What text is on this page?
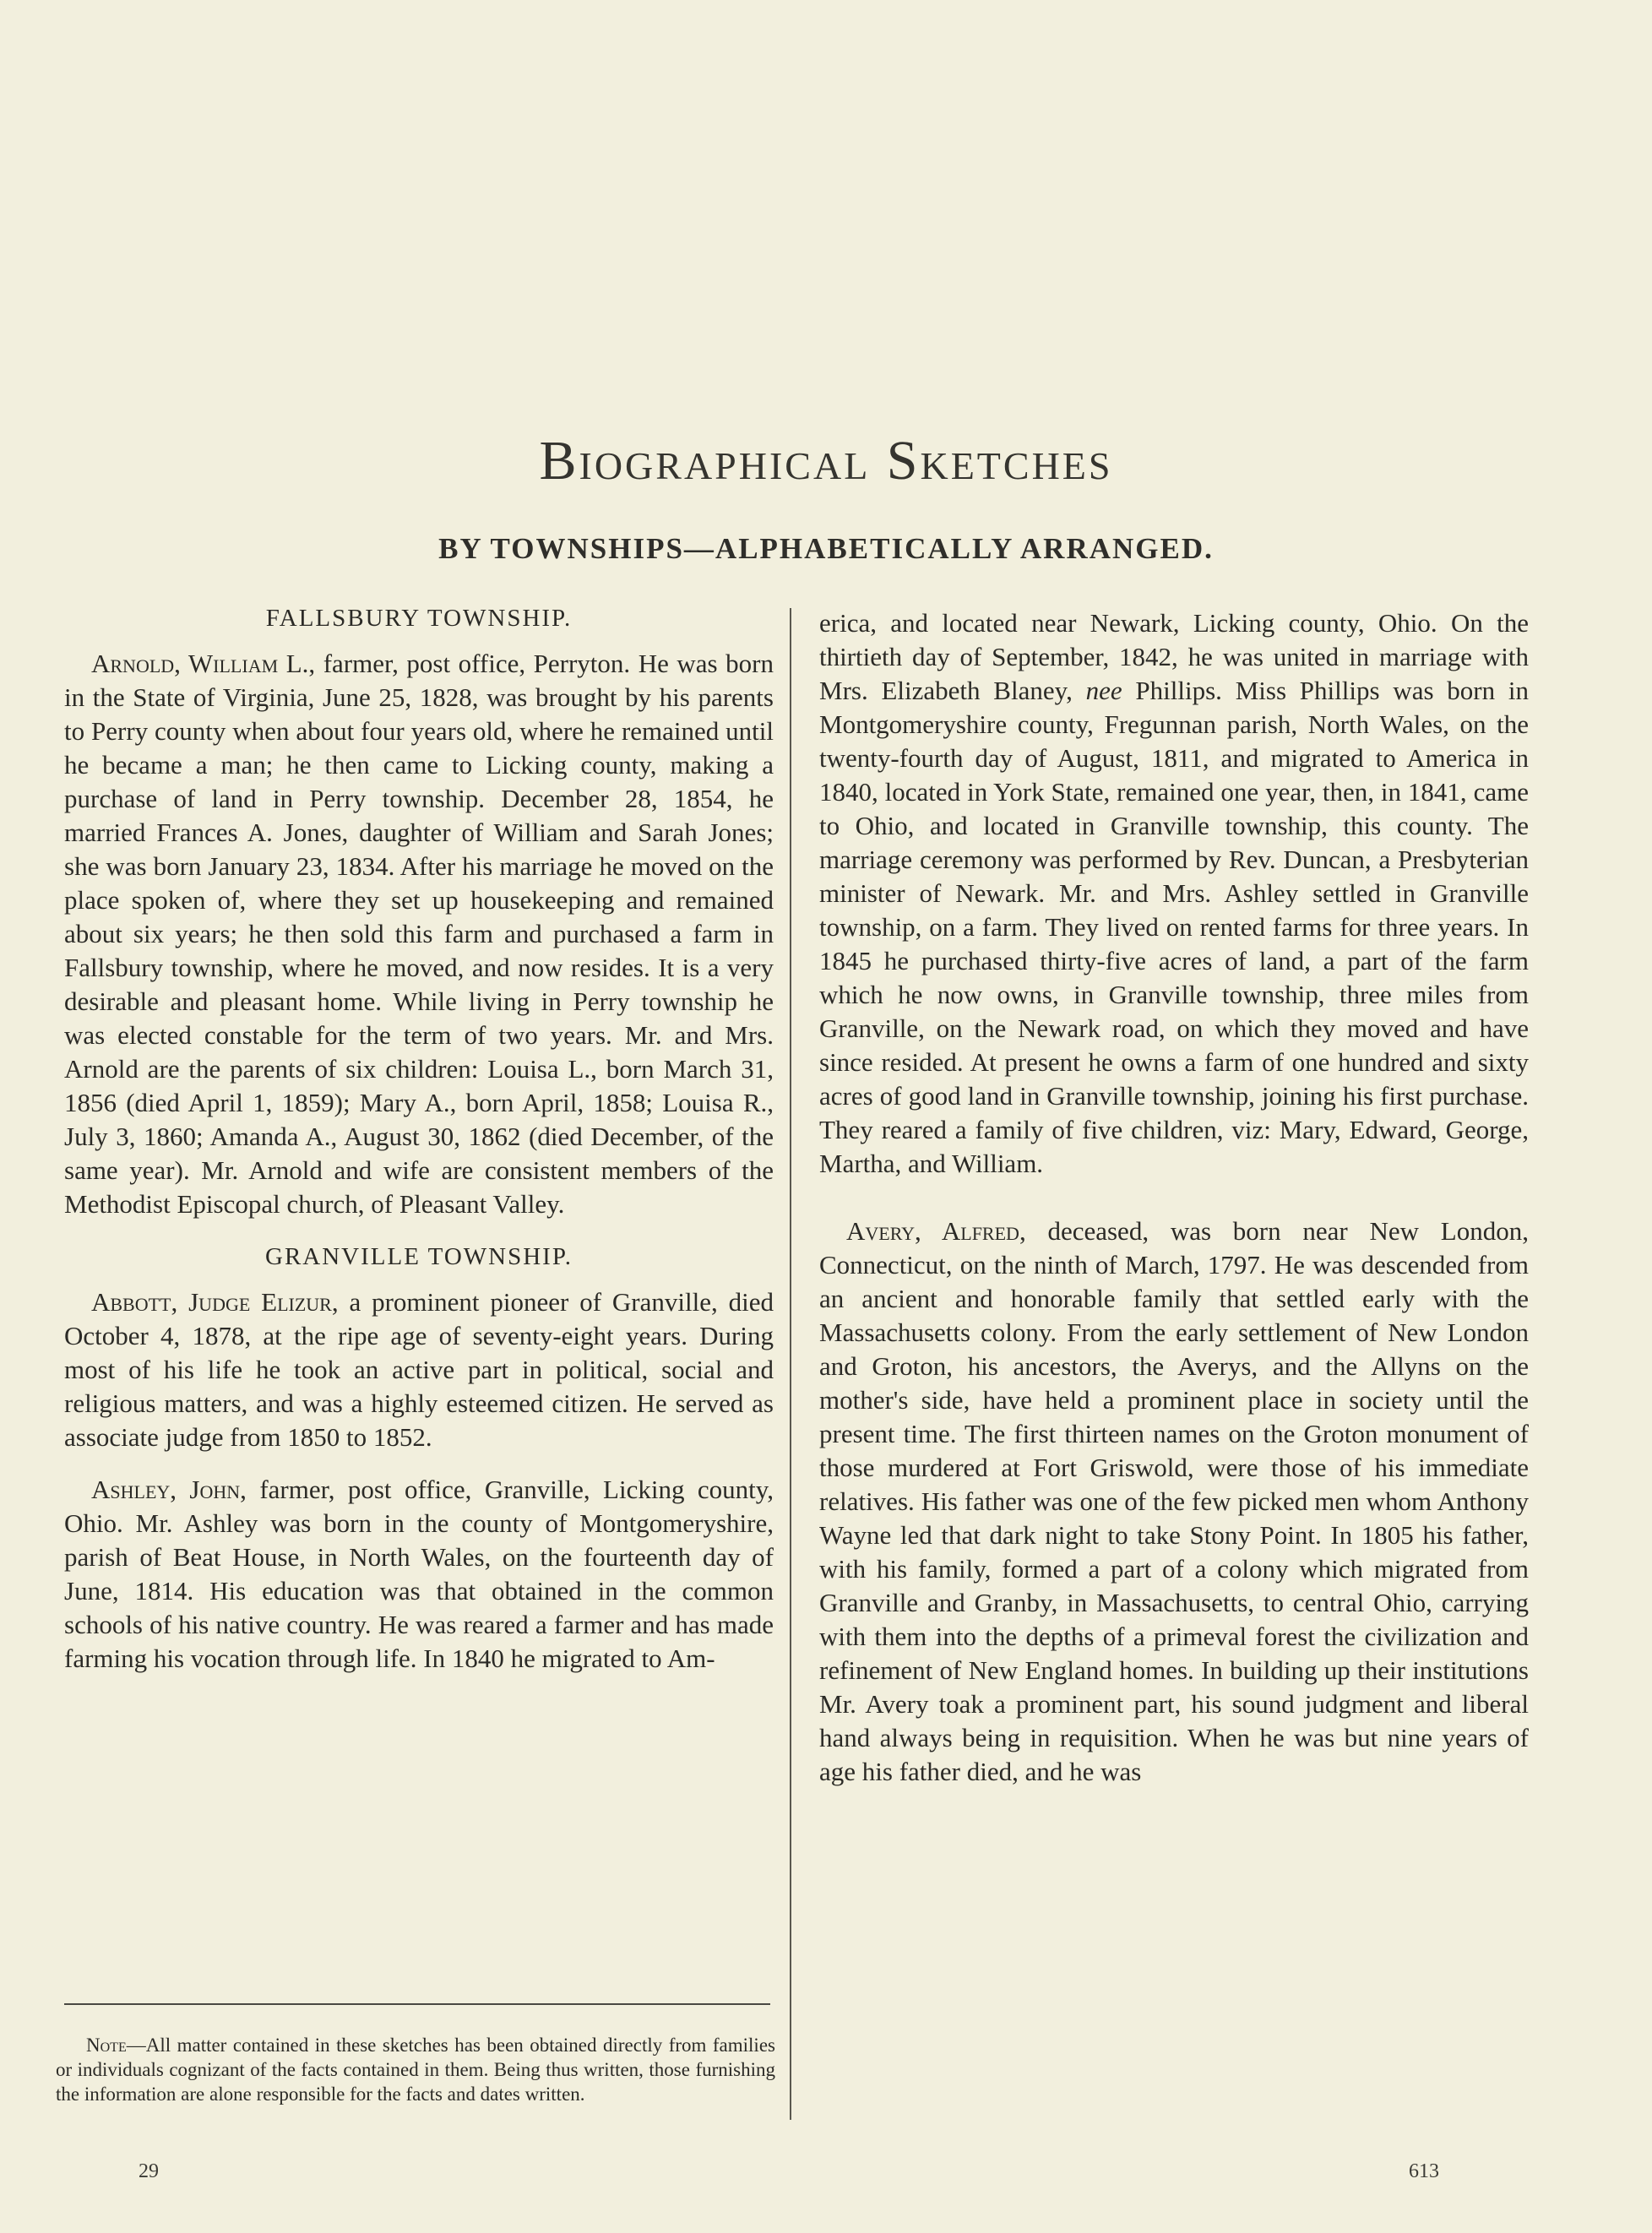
Biographical Sketches
BY TOWNSHIPS—ALPHABETICALLY ARRANGED.
FALLSBURY TOWNSHIP.

Arnold, William L., farmer, post office, Perryton. He was born in the State of Virginia, June 25, 1828, was brought by his parents to Perry county when about four years old, where he remained until he became a man; he then came to Licking county, making a purchase of land in Perry township. December 28, 1854, he married Frances A. Jones, daughter of William and Sarah Jones; she was born January 23, 1834. After his marriage he moved on the place spoken of, where they set up housekeeping and remained about six years; he then sold this farm and purchased a farm in Fallsbury township, where he moved, and now resides. It is a very desirable and pleasant home. While living in Perry township he was elected constable for the term of two years. Mr. and Mrs. Arnold are the parents of six children: Louisa L., born March 31, 1856 (died April 1, 1859); Mary A., born April, 1858; Louisa R., July 3, 1860; Amanda A., August 30, 1862 (died December, of the same year). Mr. Arnold and wife are consistent members of the Methodist Episcopal church, of Pleasant Valley.

GRANVILLE TOWNSHIP.

Abbott, Judge Elizur, a prominent pioneer of Granville, died October 4, 1878, at the ripe age of seventy-eight years. During most of his life he took an active part in political, social and religious matters, and was a highly esteemed citizen. He served as associate judge from 1850 to 1852.

Ashley, John, farmer, post office, Granville, Licking county, Ohio. Mr. Ashley was born in the county of Montgomeryshire, parish of Beat House, in North Wales, on the fourteenth day of June, 1814. His education was that obtained in the common schools of his native country. He was reared a farmer and has made farming his vocation through life. In 1840 he migrated to Am-

erica, and located near Newark, Licking county, Ohio. On the thirtieth day of September, 1842, he was united in marriage with Mrs. Elizabeth Blaney, nee Phillips. Miss Phillips was born in Montgomeryshire county, Fregunnan parish, North Wales, on the twenty-fourth day of August, 1811, and migrated to America in 1840, located in York State, remained one year, then, in 1841, came to Ohio, and located in Granville township, this county. The marriage ceremony was performed by Rev. Duncan, a Presbyterian minister of Newark. Mr. and Mrs. Ashley settled in Granville township, on a farm. They lived on rented farms for three years. In 1845 he purchased thirty-five acres of land, a part of the farm which he now owns, in Granville township, three miles from Granville, on the Newark road, on which they moved and have since resided. At present he owns a farm of one hundred and sixty acres of good land in Granville township, joining his first purchase. They reared a family of five children, viz: Mary, Edward, George, Martha, and William.

Avery, Alfred, deceased, was born near New London, Connecticut, on the ninth of March, 1797. He was descended from an ancient and honorable family that settled early with the Massachusetts colony. From the early settlement of New London and Groton, his ancestors, the Averys, and the Allyns on the mother's side, have held a prominent place in society until the present time. The first thirteen names on the Groton monument of those murdered at Fort Griswold, were those of his immediate relatives. His father was one of the few picked men whom Anthony Wayne led that dark night to take Stony Point. In 1805 his father, with his family, formed a part of a colony which migrated from Granville and Granby, in Massachusetts, to central Ohio, carrying with them into the depths of a primeval forest the civilization and refinement of New England homes. In building up their institutions Mr. Avery toak a prominent part, his sound judgment and liberal hand always being in requisition. When he was but nine years of age his father died, and he was

Note—All matter contained in these sketches has been obtained directly from families or individuals cognizant of the facts contained in them. Being thus written, those furnishing the information are alone responsible for the facts and dates written.

29	613
